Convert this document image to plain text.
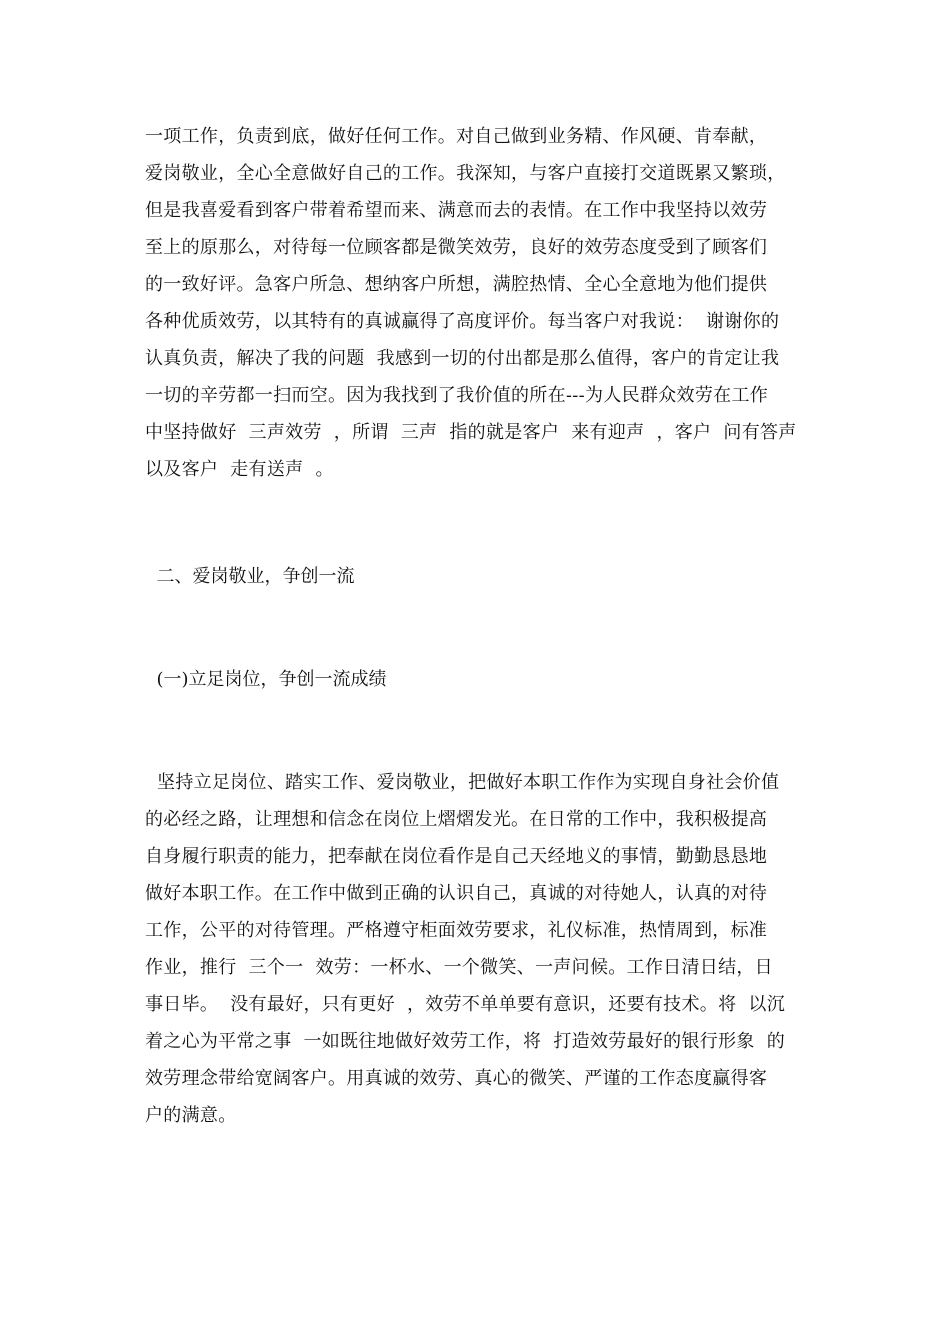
一项工作，负责到底，做好任何工作。对自己做到业务精、作风硬、肯奉献，
爱岗敬业，全心全意做好自己的工作。我深知，与客户直接打交道既累又繁琐，
但是我喜爱看到客户带着希望而来、满意而去的表情。在工作中我坚持以效劳
至上的原那么，对待每一位顾客都是微笑效劳，良好的效劳态度受到了顾客们
的一致好评。急客户所急、想纳客户所想，满腔热情、全心全意地为他们提供
各种优质效劳，以其特有的真诚赢得了高度评价。每当客户对我说：  谢谢你的
认真负责，解决了我的问题  我感到一切的付出都是那么值得，客户的肯定让我
一切的辛劳都一扫而空。因为我找到了我价值的所在---为人民群众效劳在工作
中坚持做好  三声效劳  ，所谓  三声  指的就是客户  来有迎声  ，客户  问有答声
以及客户  走有送声  。
二、爱岗敬业，争创一流
(一)立足岗位，争创一流成绩
坚持立足岗位、踏实工作、爱岗敬业，把做好本职工作作为实现自身社会价值
的必经之路，让理想和信念在岗位上熠熠发光。在日常的工作中，我积极提高
自身履行职责的能力，把奉献在岗位看作是自己天经地义的事情，勤勤恳恳地
做好本职工作。在工作中做到正确的认识自己，真诚的对待她人，认真的对待
工作，公平的对待管理。严格遵守柜面效劳要求，礼仪标准，热情周到，标准
作业，推行  三个一  效劳：一杯水、一个微笑、一声问候。工作日清日结，日
事日毕。  没有最好，只有更好  ，效劳不单单要有意识，还要有技术。将  以沉
着之心为平常之事  一如既往地做好效劳工作，将  打造效劳最好的银行形象  的
效劳理念带给宽阔客户。用真诚的效劳、真心的微笑、严谨的工作态度赢得客
户的满意。
